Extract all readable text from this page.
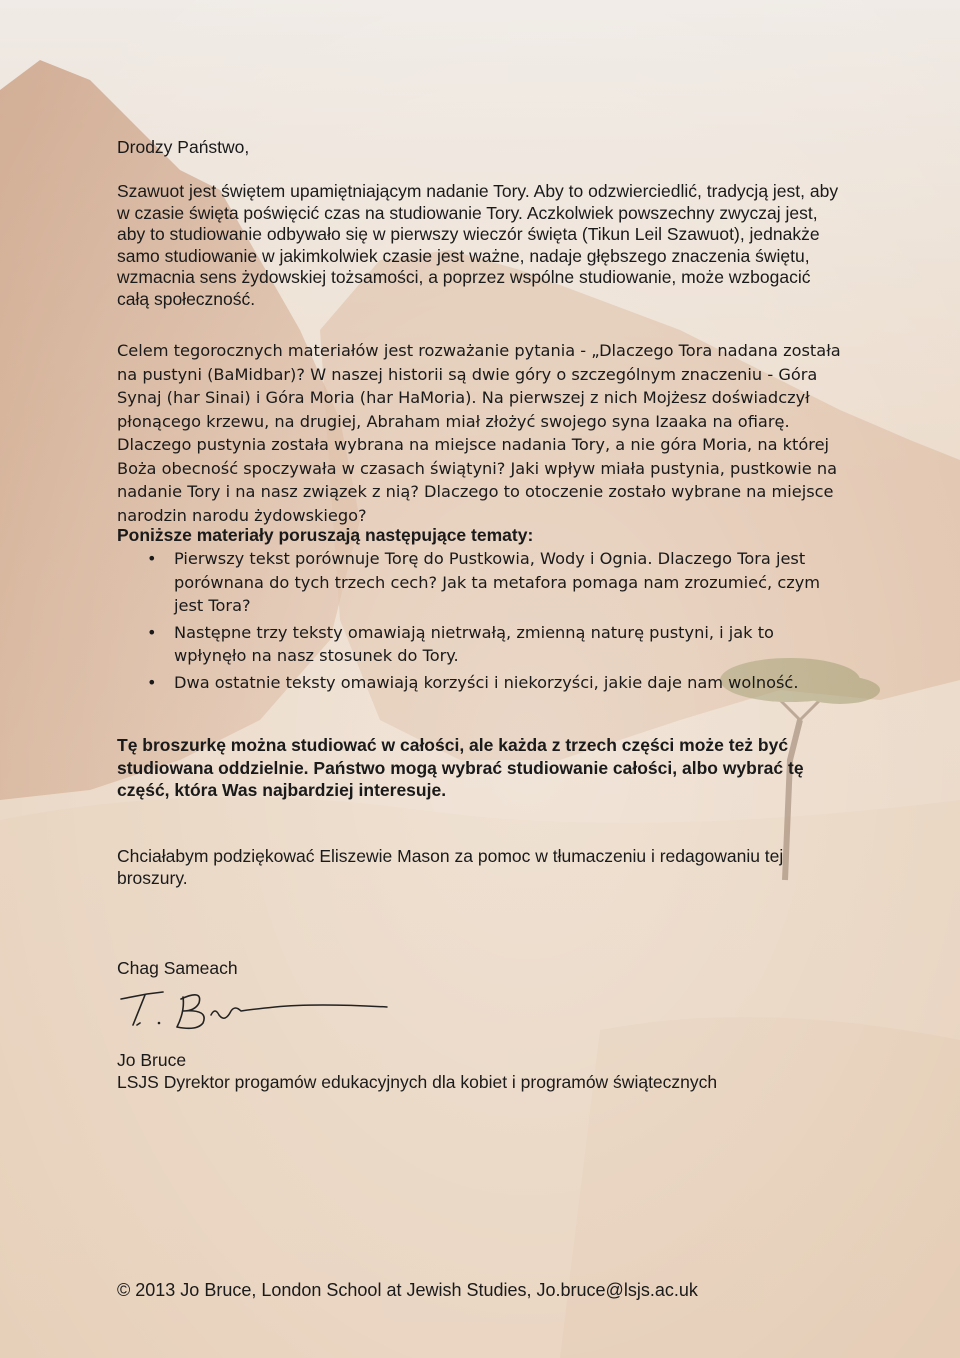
Drodzy Państwo,
Szawuot jest świętem upamiętniającym nadanie Tory. Aby to odzwierciedlić, tradycją jest, aby w czasie święta poświęcić czas na studiowanie Tory. Aczkolwiek powszechny zwyczaj jest, aby to studiowanie odbywało się w pierwszy wieczór święta (Tikun Leil Szawuot), jednakże samo studiowanie w jakimkolwiek czasie jest ważne, nadaje głębszego znaczenia świętu, wzmacnia sens żydowskiej tożsamości, a poprzez wspólne studiowanie, może wzbogacić całą społeczność.
Celem tegorocznych materiałów jest rozważanie pytania - „Dlaczego Tora nadana została na pustyni (BaMidbar)? W naszej historii są dwie góry o szczególnym znaczeniu - Góra Synaj (har Sinai) i Góra Moria (har HaMoria). Na pierwszej z nich Mojżesz doświadczył płonącego krzewu, na drugiej, Abraham miał złożyć swojego syna Izaaka na ofiarę. Dlaczego pustynia została wybrana na miejsce nadania Tory, a nie góra Moria, na której Boża obecność spoczywała w czasach świątyni? Jaki wpływ miała pustynia, pustkowie na nadanie Tory i na nasz związek z nią? Dlaczego to otoczenie zostało wybrane na miejsce narodzin narodu żydowskiego?
Poniższe materiały poruszają następujące tematy:
• Pierwszy tekst porównuje Torę do Pustkowia, Wody i Ognia. Dlaczego Tora jest porównana do tych trzech cech? Jak ta metafora pomaga nam zrozumieć, czym jest Tora?
• Następne trzy teksty omawiają nietrwałą, zmienną naturę pustyni, i jak to wpłynęło na nasz stosunek do Tory.
• Dwa ostatnie teksty omawiają korzyści i niekorzyści, jakie daje nam wolność.
Tę broszurkę można studiować w całości, ale każda z trzech części może też być studiowana oddzielnie. Państwo mogą wybrać studiowanie całości, albo wybrać tę część, która Was najbardziej interesuje.
Chciałabym podziękować Eliszewie Mason za pomoc w tłumaczeniu i redagowaniu tej broszury.
Chag Sameach
Jo Bruce
LSJS Dyrektor progamów edukacyjnych dla kobiet i programów świątecznych
© 2013 Jo Bruce, London School at Jewish Studies, Jo.bruce@lsjs.ac.uk
